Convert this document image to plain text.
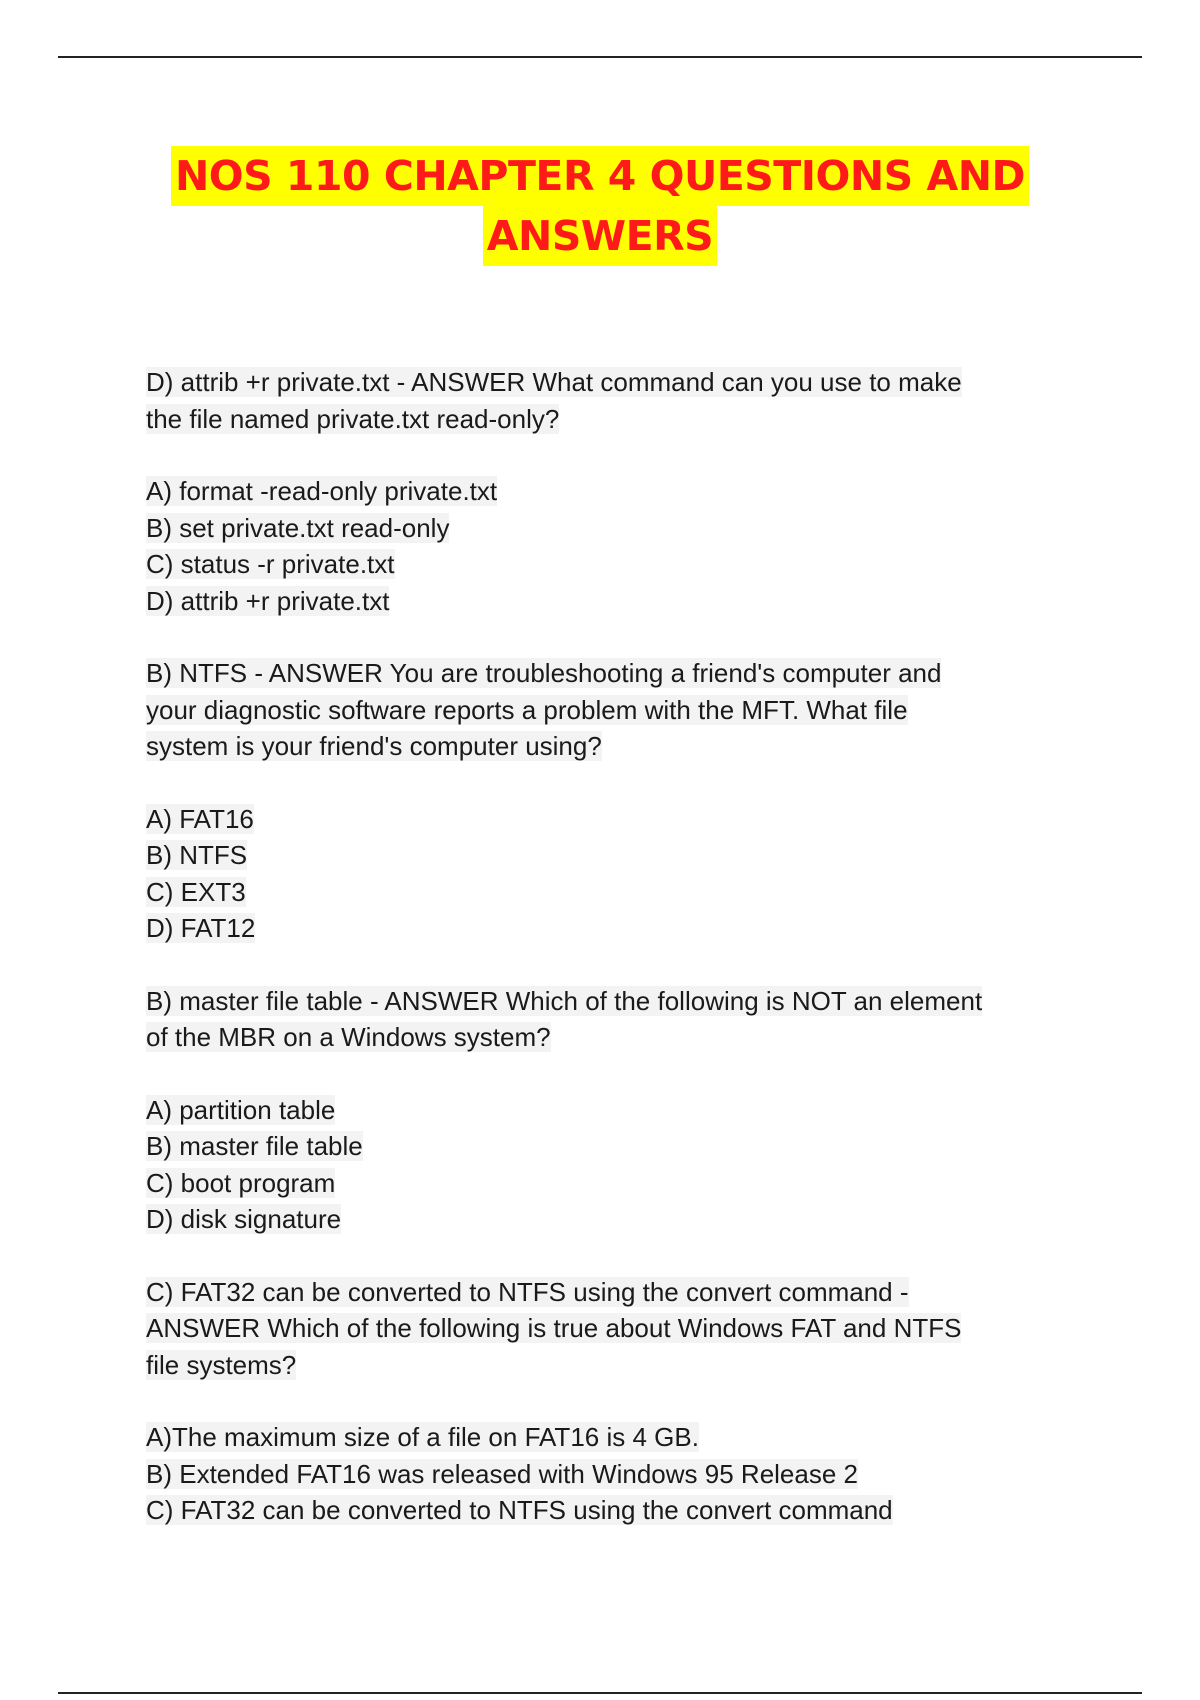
NOS 110 CHAPTER 4 QUESTIONS AND
ANSWERS
D) attrib +r private.txt - ANSWER What command can you use to make
the file named private.txt read-only?
A) format -read-only private.txt
B) set private.txt read-only
C) status -r private.txt
D) attrib +r private.txt
B) NTFS - ANSWER You are troubleshooting a friend's computer and
your diagnostic software reports a problem with the MFT. What file
system is your friend's computer using?
A) FAT16
B) NTFS
C) EXT3
D) FAT12
B) master file table - ANSWER Which of the following is NOT an element
of the MBR on a Windows system?
A) partition table
B) master file table
C) boot program
D) disk signature
C) FAT32 can be converted to NTFS using the convert command -
ANSWER Which of the following is true about Windows FAT and NTFS
file systems?
A)The maximum size of a file on FAT16 is 4 GB.
B) Extended FAT16 was released with Windows 95 Release 2
C) FAT32 can be converted to NTFS using the convert command
